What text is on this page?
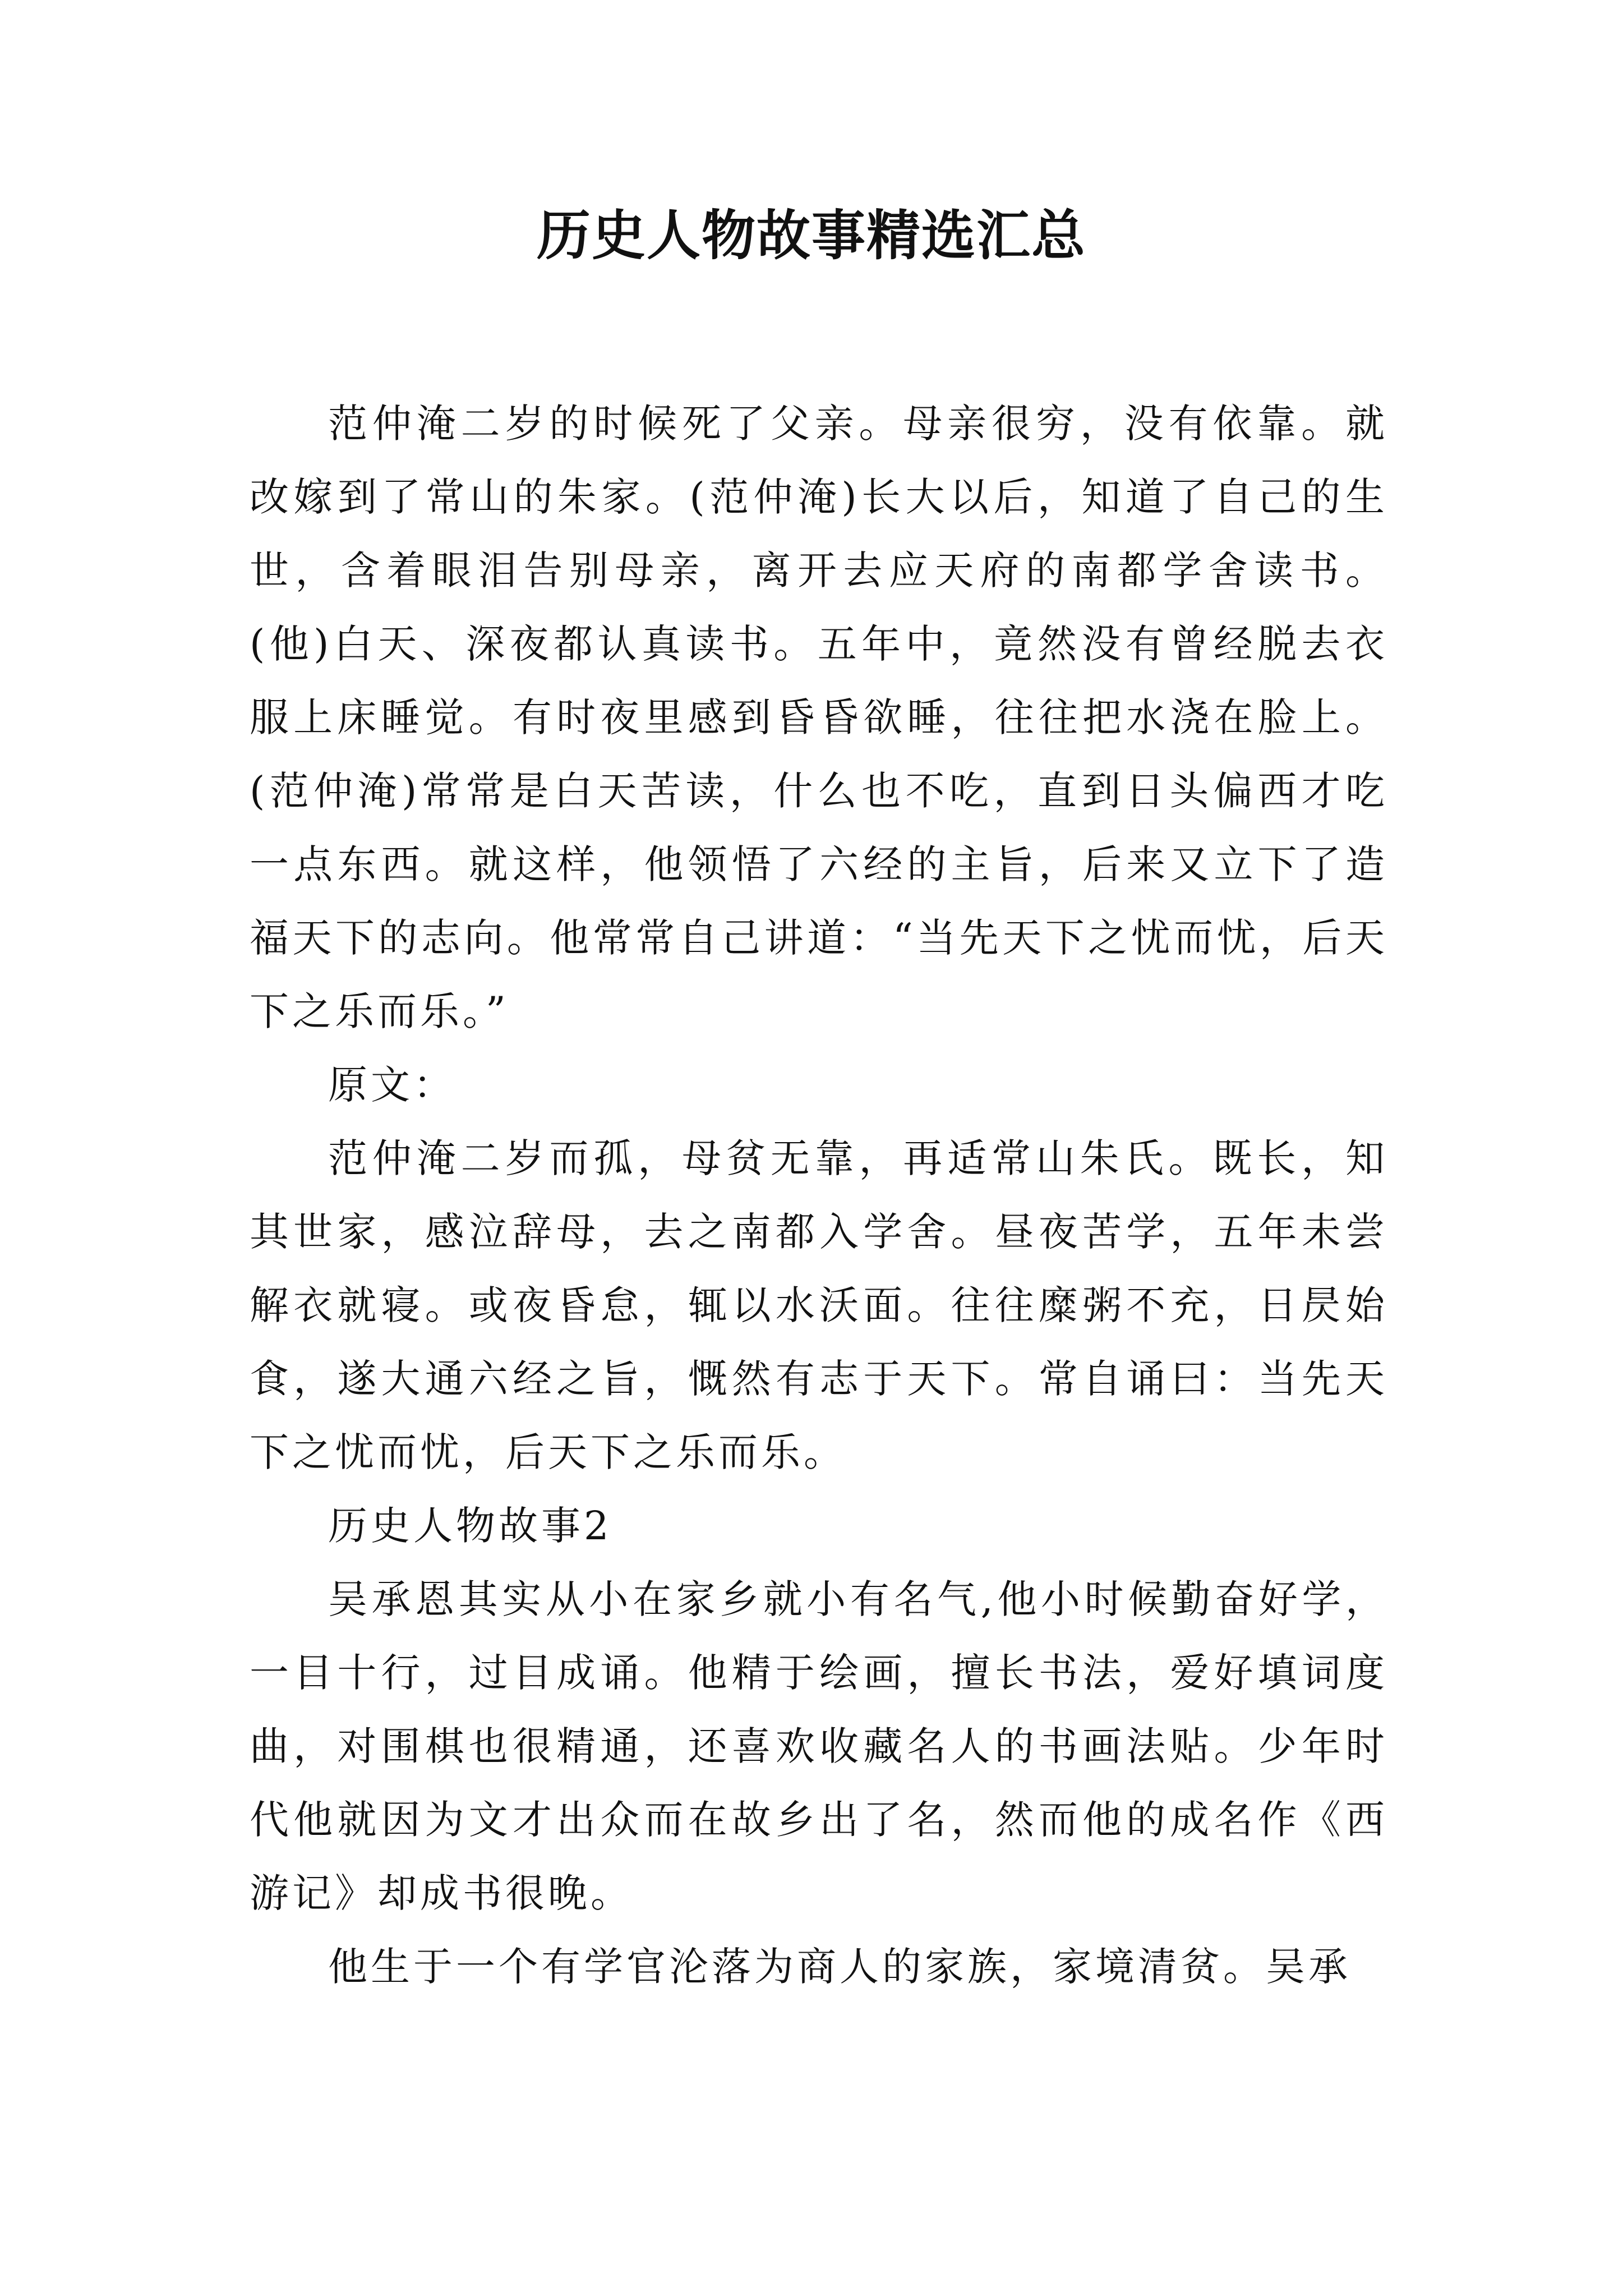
历史人物故事精选汇总

范仲淹二岁的时候死了父亲。母亲很穷，没有依靠。就改嫁到了常山的朱家。(范仲淹)长大以后，知道了自己的生世，含着眼泪告别母亲，离开去应天府的南都学舍读书。(他)白天、深夜都认真读书。五年中，竟然没有曾经脱去衣服上床睡觉。有时夜里感到昏昏欲睡，往往把水浇在脸上。(范仲淹)常常是白天苦读，什么也不吃，直到日头偏西才吃一点东西。就这样，他领悟了六经的主旨，后来又立下了造福天下的志向。他常常自己讲道：“当先天下之忧而忧，后天下之乐而乐。”

原文：

范仲淹二岁而孤，母贫无靠，再适常山朱氏。既长，知其世家，感泣辞母，去之南都入学舍。昼夜苦学，五年未尝解衣就寝。或夜昏怠，辄以水沃面。往往糜粥不充，日昃始食，遂大通六经之旨，慨然有志于天下。常自诵曰：当先天下之忧而忧，后天下之乐而乐。

历史人物故事2

吴承恩其实从小在家乡就小有名气,他小时候勤奋好学，一目十行，过目成诵。他精于绘画，擅长书法，爱好填词度曲，对围棋也很精通，还喜欢收藏名人的书画法贴。少年时代他就因为文才出众而在故乡出了名，然而他的成名作《西游记》却成书很晚。

他生于一个有学官沦落为商人的家族，家境清贫。吴承
